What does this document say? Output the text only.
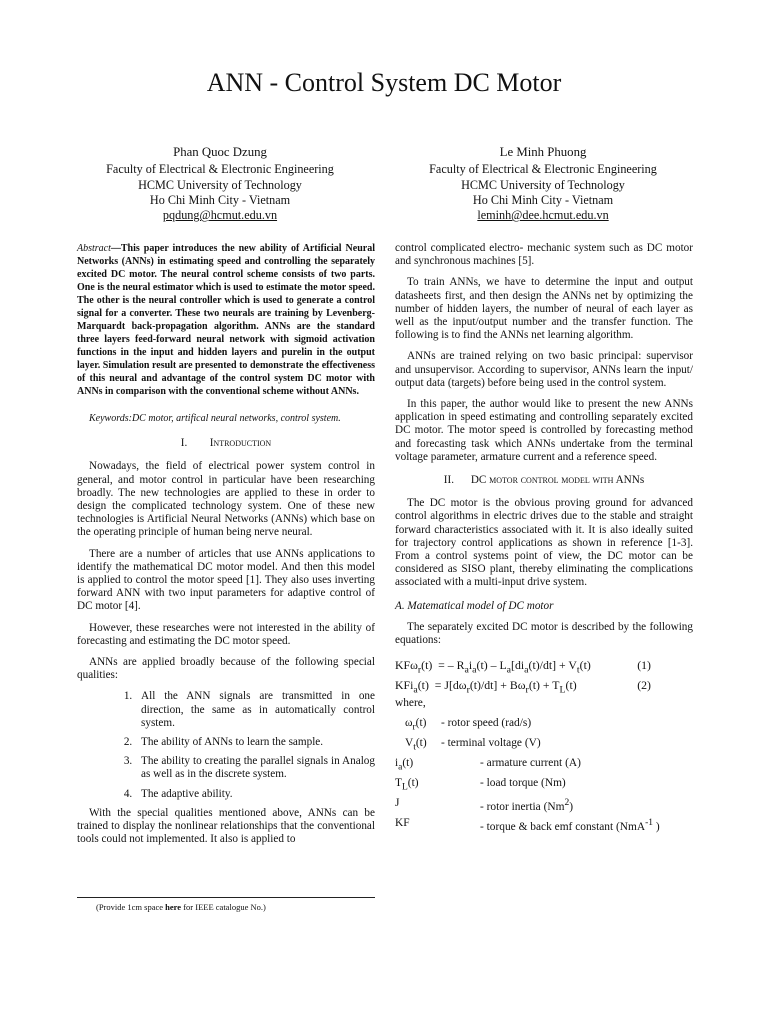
ANN - Control System DC Motor
Phan Quoc Dzung
Faculty of Electrical & Electronic Engineering
HCMC University of Technology
Ho Chi Minh City - Vietnam
pqdung@hcmut.edu.vn
Le Minh Phuong
Faculty of Electrical & Electronic Engineering
HCMC University of Technology
Ho Chi Minh City - Vietnam
leminh@dee.hcmut.edu.vn

Abstract—This paper introduces the new ability of Artificial Neural Networks (ANNs) in estimating speed and controlling the separately excited DC motor. The neural control scheme consists of two parts. One is the neural estimator which is used to estimate the motor speed. The other is the neural controller which is used to generate a control signal for a converter. These two neurals are training by Levenberg-Marquardt back-propagation algorithm. ANNs are the standard three layers feed-forward neural network with sigmoid activation functions in the input and hidden layers and purelin in the output layer. Simulation result are presented to demonstrate the effectiveness of this neural and advantage of the control system DC motor with ANNs in comparison with the conventional scheme without ANNs.

Keywords:DC motor, artifical neural networks, control system.

I. Introduction

Nowadays, the field of electrical power system control in general, and motor control in particular have been researching broadly. The new technologies are applied to these in order to design the complicated technology system. One of these new technologies is Artificial Neural Networks (ANNs) which base on the operating principle of human being nerve neural.

There are a number of articles that use ANNs applications to identify the mathematical DC motor model. And then this model is applied to control the motor speed [1]. They also uses inverting forward ANN with two input parameters for adaptive control of DC motor [4].

However, these researches were not interested in the ability of forecasting and estimating the DC motor speed.

ANNs are applied broadly because of the following special qualities:

1. All the ANN signals are transmitted in one direction, the same as in automatically control system.
2. The ability of ANNs to learn the sample.
3. The ability to creating the parallel signals in Analog as well as in the discrete system.
4. The adaptive ability.

With the special qualities mentioned above, ANNs can be trained to display the nonlinear relationships that the conventional tools could not implemented. It also is applied to

(Provide 1cm space here for IEEE catalogue No.)

control complicated electro- mechanic system such as DC motor and synchronous machines [5].

To train ANNs, we have to determine the input and output datasheets first, and then design the ANNs net by optimizing the number of hidden layers, the number of neural of each layer as well as the input/output number and the transfer function. The following is to find the ANNs net learning algorithm.

ANNs are trained relying on two basic principal: supervisor and unsupervisor. According to supervisor, ANNs learn the input/ output data (targets) before being used in the control system.

In this paper, the author would like to present the new ANNs application in speed estimating and controlling separately excited DC motor. The motor speed is controlled by forecasting method and forecasting task which ANNs undertake from the terminal voltage parameter, armature current and a reference speed.

II. DC motor control model with ANNs

The DC motor is the obvious proving ground for advanced control algorithms in electric drives due to the stable and straight forward characteristics associated with it. It is also ideally suited for trajectory control applications as shown in reference [1-3]. From a control systems point of view, the DC motor can be considered as SISO plant, thereby eliminating the complications associated with a multi-input drive system.

A. Matematical model of DC motor

The separately excited DC motor is described by the following equations:

KFω$_r$(t)  = – $R_ai_a(t) - L_a[di_a(t)/dt] + V_t(t)$	(1)
$KFi_a(t) = J[d\omega_r(t)/dt] + B\omega_r(t) + T_L(t)$	(2)
where,
$\omega_r(t)$ - rotor speed (rad/s)
$V_t(t)$ - terminal voltage (V)
$i_a(t)$	- armature current (A)
$T_L(t)$	- load torque (Nm)
J	- rotor inertia (Nm$^2$)
KF	- torque & back emf constant (NmA$^{-1}$ )
